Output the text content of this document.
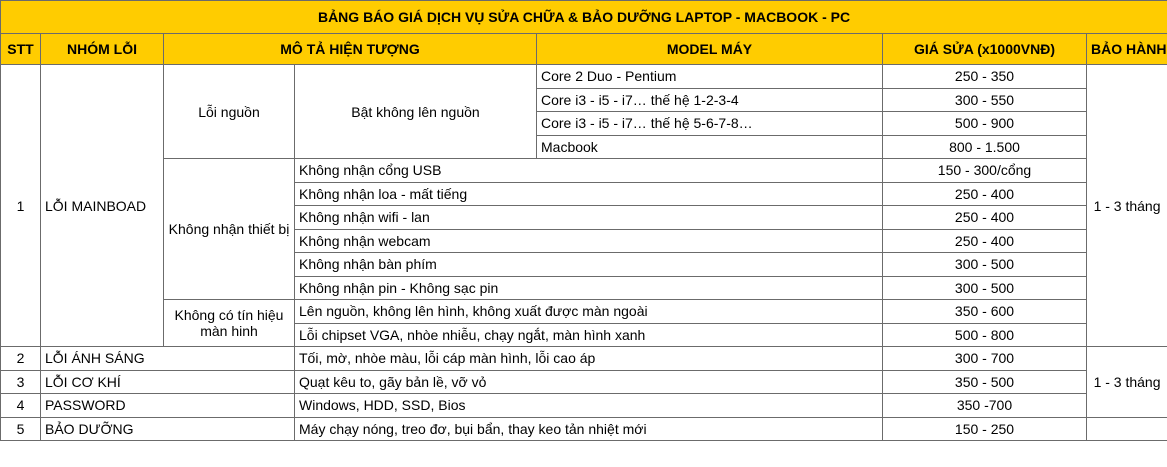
BẢNG BÁO GIÁ DỊCH VỤ SỬA CHỮA & BẢO DƯỠNG LAPTOP - MACBOOK - PC						
STT	NHÓM LỖI	MÔ TẢ HIỆN TƯỢNG		MODEL MÁY	GIÁ SỬA (x1000VNĐ)	BẢO HÀNH
1	LỖI MAINBOAD	Lỗi nguồn	Bật không lên nguồn	Core 2 Duo - Pentium	250 - 350	1 - 3 tháng
				Core i3 - i5 - i7… thế hệ 1-2-3-4	300 - 550	
				Core i3 - i5 - i7… thế hệ 5-6-7-8…	500 - 900	
				Macbook	800 - 1.500	
		Không nhận thiết bị	Không nhận cổng USB		150 - 300/cổng	
			Không nhận loa - mất tiếng		250 - 400	
			Không nhận wifi - lan		250 - 400	
			Không nhận webcam		250 - 400	
			Không nhận bàn phím		300 - 500	
			Không nhận pin - Không sạc pin		300 - 500	
		Không có tín hiệu màn hinh	Lên nguồn, không lên hình, không xuất được màn ngoài		350 - 600	
			Lỗi chipset VGA, nhòe nhiễu, chạy ngắt, màn hình xanh		500 - 800	
2	LỖI ÁNH SÁNG		Tối, mờ, nhòe màu, lỗi cáp màn hình, lỗi cao áp		300 - 700	1 - 3 tháng
3	LỖI CƠ KHÍ		Quạt kêu to, gãy bản lề, vỡ vỏ		350 - 500	
4	PASSWORD		Windows, HDD, SSD, Bios		350 -700	
5	BẢO DƯỠNG		Máy chạy nóng, treo đơ, bụi bẩn, thay keo tản nhiệt mới		150 - 250	
